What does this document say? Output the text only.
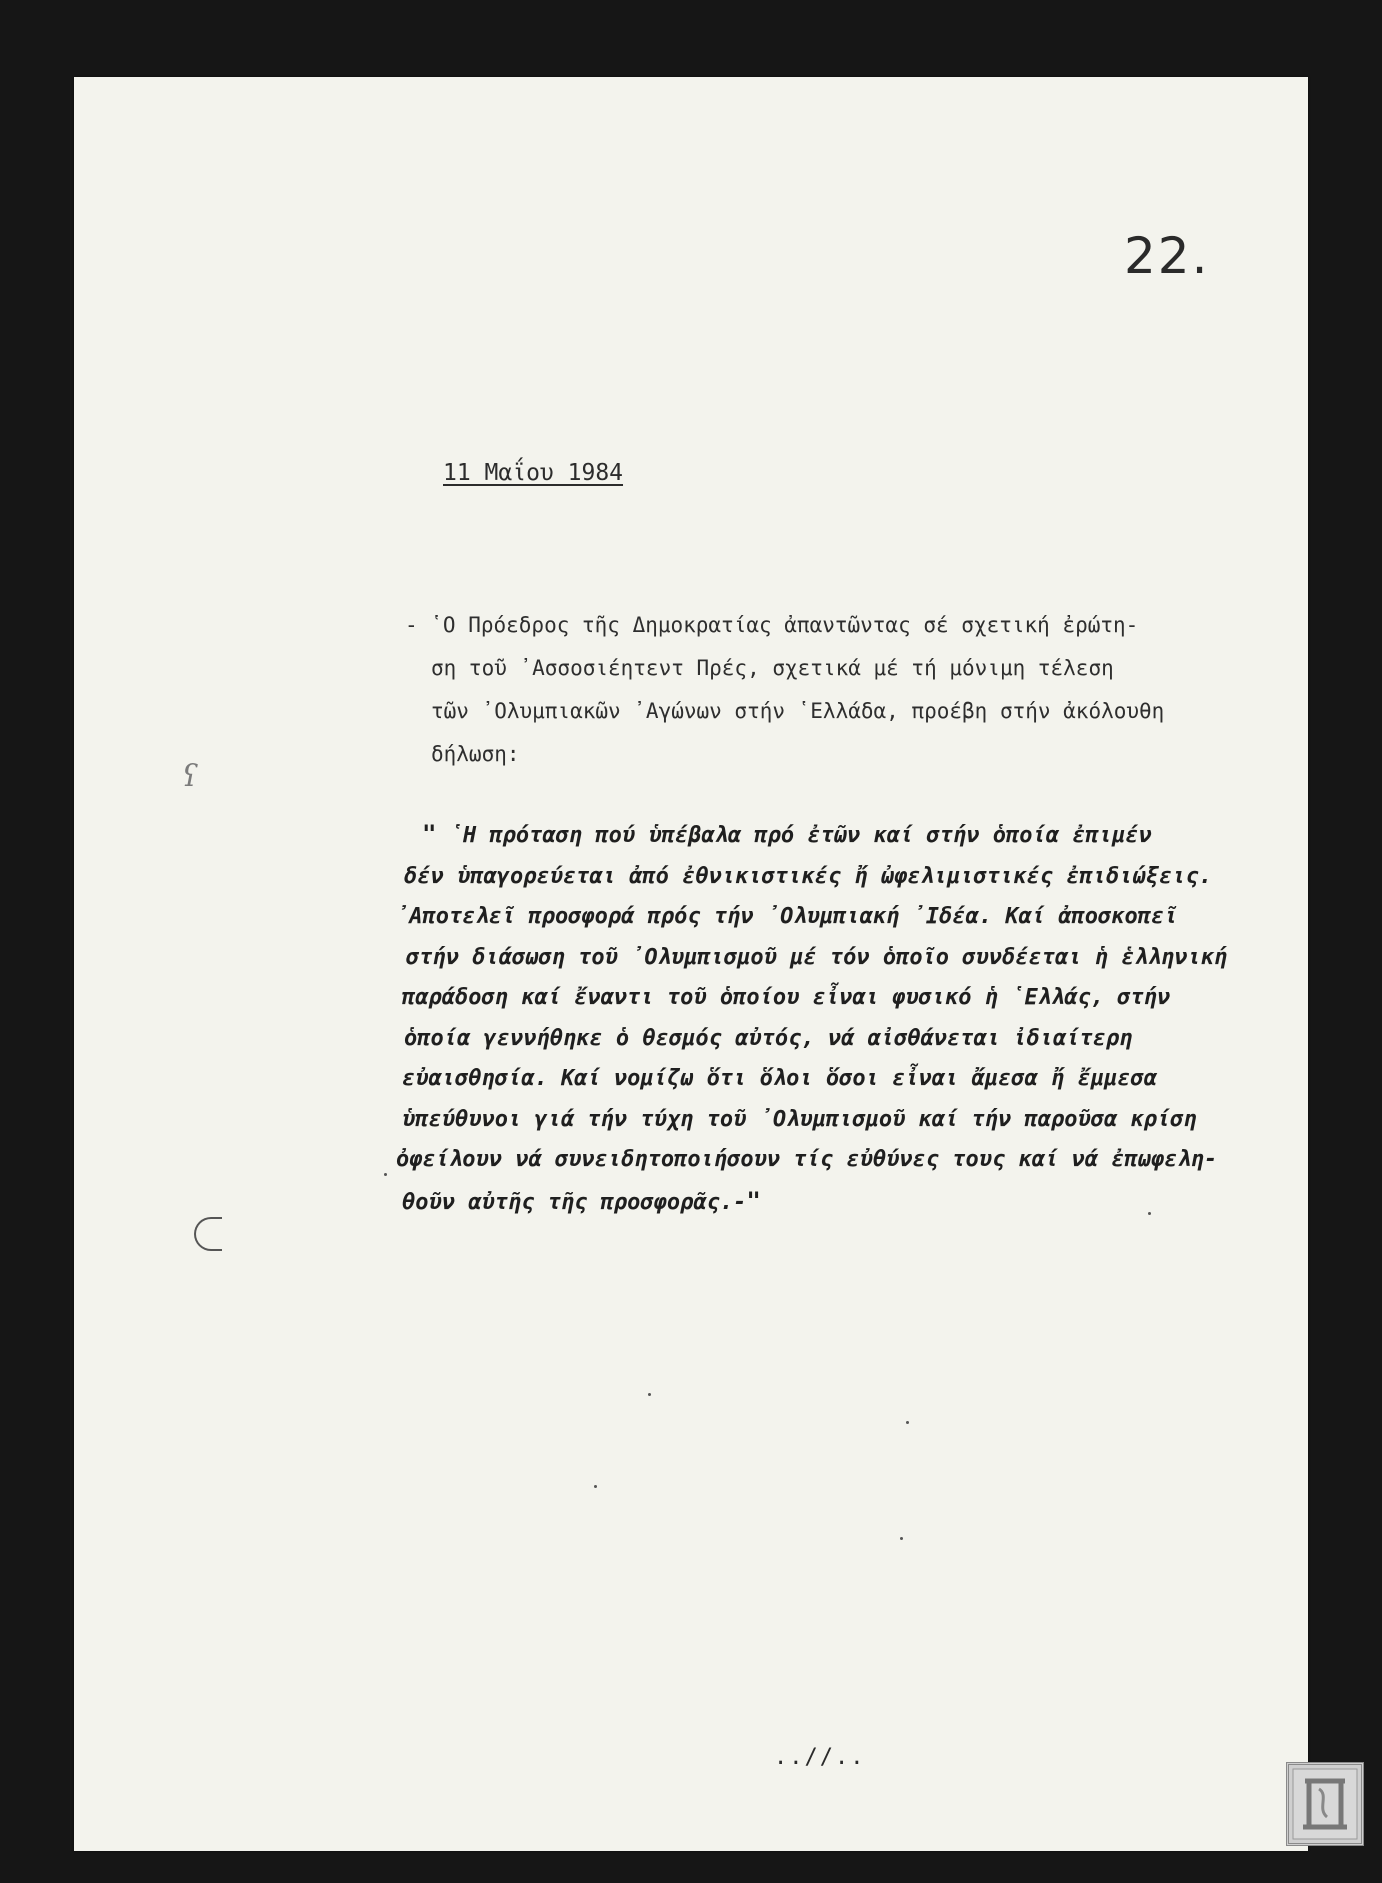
22.
11 Μαΐου 1984
- ῾Ο Πρόεδρος τῆς Δημοκρατίας ἀπαντῶντας σέ σχετική ἐρώτη-
ση τοῦ ᾿Ασσοσιέητεντ Πρές, σχετικά μέ τή μόνιμη τέλεση
τῶν ᾿Ολυμπιακῶν ᾿Αγώνων στήν ῾Ελλάδα, προέβη στήν ἀκόλουθη
δήλωση:
" ῾Η πρόταση πού ὑπέβαλα πρό ἐτῶν καί στήν ὁποία ἐπιμέν
δέν ὑπαγορεύεται ἀπό ἐθνικιστικές ἤ ὠφελιμιστικές ἐπιδιώξεις.
᾿Αποτελεῖ προσφορά πρός τήν ᾿Ολυμπιακή ᾿Ιδέα. Καί ἀποσκοπεῖ
στήν διάσωση τοῦ ᾿Ολυμπισμοῦ μέ τόν ὁποῖο συνδέεται ἡ ἑλληνική
παράδοση καί ἔναντι τοῦ ὁποίου εἶναι φυσικό ἡ ῾Ελλάς, στήν
ὁποία γεννήθηκε ὁ θεσμός αὐτός, νά αἰσθάνεται ἰδιαίτερη
εὐαισθησία. Καί νομίζω ὅτι ὅλοι ὅσοι εἶναι ἄμεσα ἤ ἔμμεσα
ὑπεύθυνοι γιά τήν τύχη τοῦ ᾿Ολυμπισμοῦ καί τήν παροῦσα κρίση
ὀφείλουν νά συνειδητοποιήσουν τίς εὐθύνες τους καί νά ἐπωφελη-
θοῦν αὐτῆς τῆς προσφορᾶς.-"
ʕ
..//..
